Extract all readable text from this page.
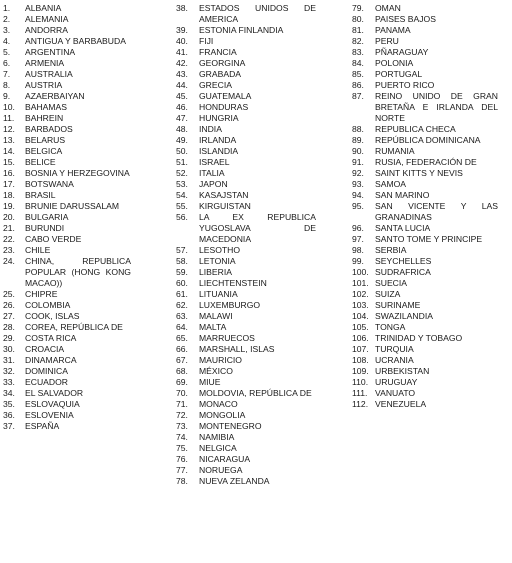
1.	ALBANIA
2.	ALEMANIA
3.	ANDORRA
4.	ANTIGUA Y BARBABUDA
5.	ARGENTINA
6.	ARMENIA
7.	AUSTRALIA
8.	AUSTRIA
9.	AZAERBAIYAN
10.	BAHAMAS
11.	BAHREIN
12.	BARBADOS
13.	BELARUS
14.	BELGICA
15.	BELICE
16.	BOSNIA Y HERZEGOVINA
17.	BOTSWANA
18.	BRASIL
19.	BRUNIE DARUSSALAM
20.	BULGARIA
21.	BURUNDI
22.	CABO VERDE
23.	CHILE
24.	CHINA, REPUBLICA POPULAR (HONG KONG MACAO))
25.	CHIPRE
26.	COLOMBIA
27.	COOK, ISLAS
28.	COREA, REPÚBLICA DE
29.	COSTA RICA
30.	CROACIA
31.	DINAMARCA
32.	DOMINICA
33.	ECUADOR
34.	EL SALVADOR
35.	ESLOVAQUIA
36.	ESLOVENIA
37.	ESPAÑA
38.	ESTADOS UNIDOS DE AMERICA
39.	ESTONIA FINLANDIA
40.	FIJI
41.	FRANCIA
42.	GEORGINA
43.	GRABADA
44.	GRECIA
45.	GUATEMALA
46.	HONDURAS
47.	HUNGRIA
48.	INDIA
49.	IRLANDA
50.	ISLANDIA
51.	ISRAEL
52.	ITALIA
53.	JAPON
54.	KASAJSTAN
55.	KIRGUISTAN
56.	LA EX REPUBLICA YUGOSLAVA DE MACEDONIA
57.	LESOTHO
58.	LETONIA
59.	LIBERIA
60.	LIECHTENSTEIN
61.	LITUANIA
62.	LUXEMBURGO
63.	MALAWI
64.	MALTA
65.	MARRUECOS
66.	MARSHALL, ISLAS
67.	MAURICIO
68.	MÉXICO
69.	MIUE
70.	MOLDOVIA, REPÚBLICA DE
71.	MONACO
72.	MONGOLIA
73.	MONTENEGRO
74.	NAMIBIA
75.	NELGICA
76.	NICARAGUA
77.	NORUEGA
78.	NUEVA ZELANDA
79.	OMAN
80.	PAISES BAJOS
81.	PANAMA
82.	PERU
83.	PÑARAGUAY
84.	POLONIA
85.	PORTUGAL
86.	PUERTO RICO
87.	REINO UNIDO DE GRAN BRETAÑA E IRLANDA DEL NORTE
88.	REPUBLICA CHECA
89.	REPÚBLICA DOMINICANA
90.	RUMANIA
91.	RUSIA, FEDERACIÓN DE
92.	SAINT KITTS Y NEVIS
93.	SAMOA
94.	SAN MARINO
95.	SAN VICENTE Y LAS GRANADINAS
96.	SANTA LUCIA
97.	SANTO TOME Y PRINCIPE
98.	SERBIA
99.	SEYCHELLES
100. SUDRAFRICA
101. SUECIA
102. SUIZA
103. SURINAME
104. SWAZILANDIA
105. TONGA
106. TRINIDAD Y TOBAGO
107. TURQUIA
108. UCRANIA
109. URBEKISTAN
110. URUGUAY
111. VANUATO
112. VENEZUELA
